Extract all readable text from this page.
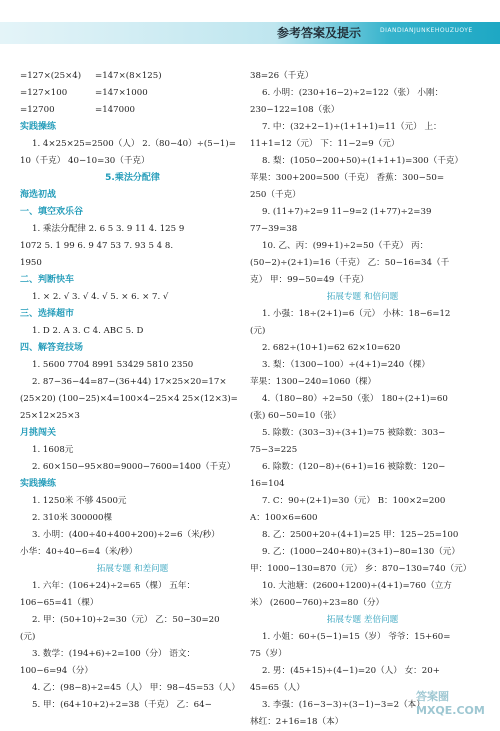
参考答案及提示	DIANDIANJUNKEHOUZUOYE
=127×(25×4) =147×(8×125)
=127×100	=147×1000
=12700	=147000
实践操练
1. 4×25×25=2500（人） 2.（80−40）÷(5−1)=
10（千克） 40−10=30（千克）
5.乘法分配律
海选初战
一、填空欢乐谷
1. 乘法分配律 2. 6 5 3. 9 11 4. 125 9
1072 5. 1 99 6. 9 47 53 7. 93 5 4 8.
1950
二、判断快车
1. × 2. √ 3. √ 4. √ 5. × 6. × 7. √
三、选择超市
1. D 2. A 3. C 4. ABC 5. D
四、解答竞技场
1. 5600 7704 8991 53429 5810 2350
2. 87−36−44=87−(36+44) 17×25×20=17×
(25×20) (100−25)×4=100×4−25×4 25×(12×3)=
25×12×25×3
月挑闯关
1. 1608元
2. 60×150−95×80=9000−7600=1400（千克）
实践操练
1. 1250米 不够 4500元
2. 310米 300000棵
3. 小明：(400÷40+400+200)÷2=6（米/秒）
小华：40÷40−6=4（米/秒）
拓展专题 和差问题
1. 六年：(106+24)÷2=65（棵） 五年：
106−65=41（棵）
2. 甲：(50+10)÷2=30（元） 乙：50−30=20
(元)
3. 数学：(194+6)÷2=100（分） 语文：
100−6=94（分）
4. 乙：(98−8)÷2=45（人） 甲：98−45=53（人）
5. 甲：(64+10+2)÷2=38（千克） 乙：64−
38=26（千克）
6. 小明：(230+16−2)÷2=122（张） 小刚：
230−122=108（张）
7. 中：(32+2−1)÷(1+1+1)=11（元） 上：
11+1=12（元） 下：11−2=9（元）
8. 梨：(1050−200+50)÷(1+1+1)=300（千克）
苹果：300+200=500（千克） 香蕉：300−50=
250（千克）
9. (11+7)÷2=9 11−9=2 (1+77)÷2=39
77−39=38
10. 乙、丙：(99+1)÷2=50（千克） 丙：
(50−2)÷(2+1)=16（千克） 乙：50−16=34（千
克） 甲：99−50=49（千克）
拓展专题 和倍问题
1. 小强：18÷(2+1)=6（元） 小林：18−6=12
(元)
2. 682÷(10+1)=62 62×10=620
3. 梨：（1300−100）÷(4+1)=240（棵）
苹果：1300−240=1060（棵）
4.（180−80）÷2=50（张） 180÷(2+1)=60
(张) 60−50=10（张）
5. 除数：(303−3)÷(3+1)=75 被除数：303−
75−3=225
6. 除数：(120−8)÷(6+1)=16 被除数：120−
16=104
7. C：90÷(2+1)=30（元） B：100×2=200
A：100×6=600
8. 乙：2500+20÷(4+1)=25 甲：125−25=100
9. 乙：(1000−240+80)÷(3+1)−80=130（元）
甲：1000−130=870（元） 乡：870−130=740（元）
10. 大池塘：(2600+1200)÷(4+1)=760（立方
米） (2600−760)÷23=80（分）
拓展专题 差倍问题
1. 小姐：60÷(5−1)=15（岁） 爷爷：15+60=
75（岁）
2. 男：(45+15)÷(4−1)=20（人） 女：20+
45=65（人）
3. 李强：(16−3−3)÷(3−1)−3=2（本）
林红：2+16=18（本）
答案圈 MXQE.COM
